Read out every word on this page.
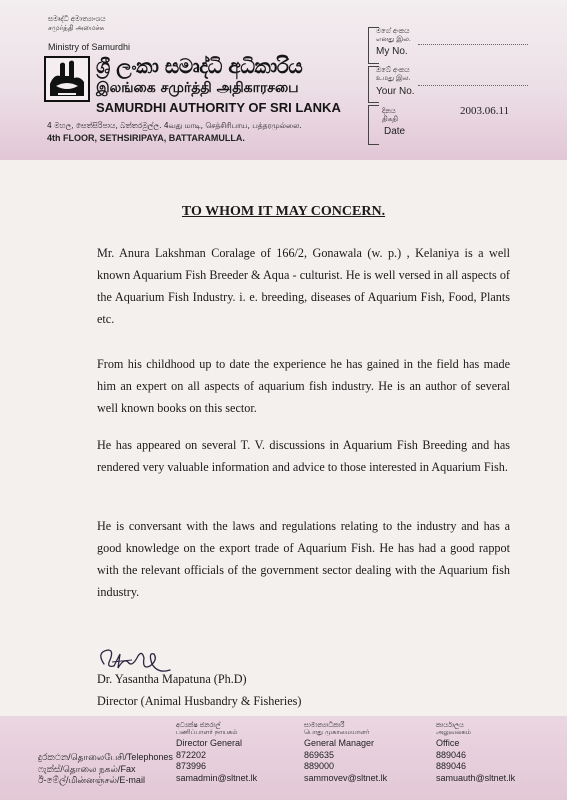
සමෘද්ධි අමාත්‍යාංශය
சமுர்த்தி அமைச்சு
Ministry of Samurdhi
ශ්‍රී ලංකා සමෘද්ධි අධිකාරිය
இலங்கை சமுர்த்தி அதிகாரசபை
SAMURDHI AUTHORITY OF SRI LANKA
4 මහල, සෙත්සිරිපාය, බත්තරමුල්ල. 4வது மாடி, செத்சிரிபாய, பத்தரமுல்லை.
4th FLOOR, SETHSIRIPAYA, BATTARAMULLA.
මගේ අංකය
எனது இல.
My No.
ඔබේ අංකය
உமது இல.
Your No.
දිනය
திகதி
Date
2003.06.11
TO WHOM IT MAY CONCERN.

Mr. Anura Lakshman Coralage of 166/2, Gonawala (w. p.) , Kelaniya is a well known Aquarium Fish Breeder & Aqua - culturist. He is well versed in all aspects of the Aquarium Fish Industry. i. e. breeding, diseases of Aquarium Fish, Food, Plants etc.

From his childhood up to date the experience he has gained in the field has made him an expert on all aspects of aquarium fish industry. He is an author of several well known books on this sector.

He has appeared on several T. V. discussions in Aquarium Fish Breeding and has rendered very valuable information and advice to those interested in Aquarium Fish.

He is conversant with the laws and regulations relating to the industry and has a good knowledge on the export trade of Aquarium Fish. He has had a good rappot with the relevant officials of the government sector dealing with the Aquarium fish industry.

Dr. Yasantha Mapatuna (Ph.D)
Director (Animal Husbandry & Fisheries)
දුරකථන/தொலைபேசி/Telephones
ෆැක්ස්/தொலை நகல்/Fax
ඊ-මේල්/மின்னஞ்சல்/E-mail
අධ්‍යක්ෂ ජනරාල්
பணிப்பாளர் நாயகம்
Director General
872202
873996
samadmin@sltnet.lk
සාමාන්‍යාධිකාරී
பொது முகாமையாளர்
General Manager
869635
889000
sammovev@sltnet.lk
කාර්යාලය
அலுவலகம்
Office
889046
889046
samuauth@sltnet.lk
